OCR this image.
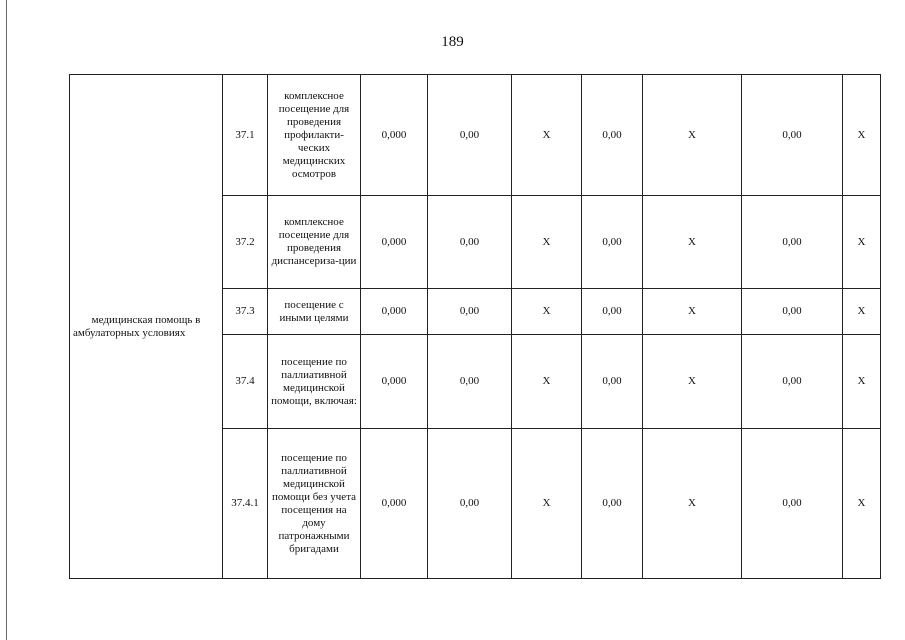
189
медицинская помощь в амбулаторных условиях	37.1	комплексное посещение для проведения профилакти-ческих медицинских осмотров	0,000	0,00	Х	0,00	Х	0,00	Х
	37.2	комплексное посещение для проведения диспансериза-ции	0,000	0,00	Х	0,00	Х	0,00	Х
	37.3	посещение с иными целями	0,000	0,00	Х	0,00	Х	0,00	Х
	37.4	посещение по паллиативной медицинской помощи, включая:	0,000	0,00	Х	0,00	Х	0,00	Х
	37.4.1	посещение по паллиативной медицинской помощи без учета посещения на дому патронажными бригадами	0,000	0,00	Х	0,00	Х	0,00	Х
